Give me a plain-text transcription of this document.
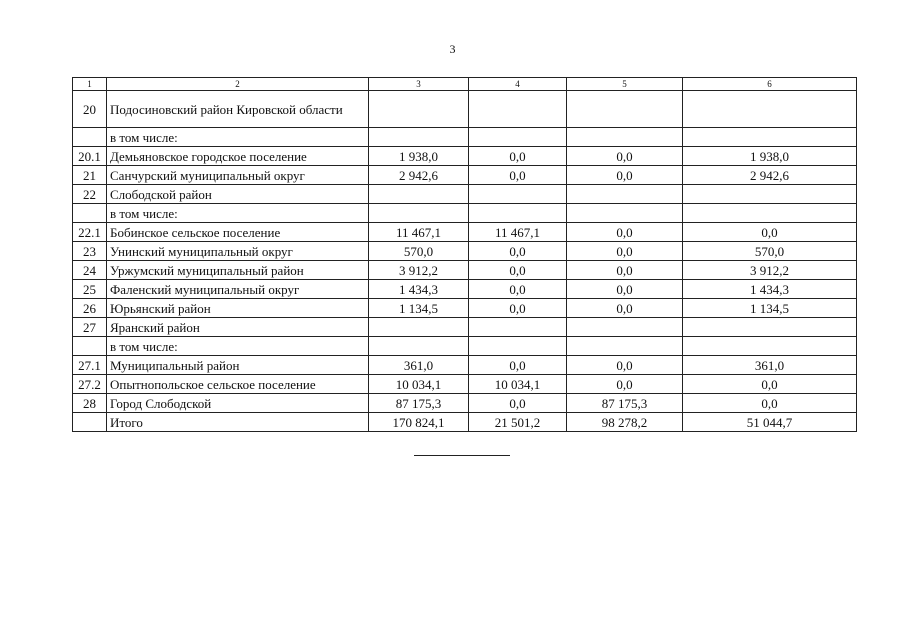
3
1	2	3	4	5	6
20	Подосиновский район Кировской области				
	в том числе:				
20.1	Демьяновское городское поселение	1 938,0	0,0	0,0	1 938,0
21	Санчурский муниципальный округ	2 942,6	0,0	0,0	2 942,6
22	Слободской район				
	в том числе:				
22.1	Бобинское сельское поселение	11 467,1	11 467,1	0,0	0,0
23	Унинский муниципальный округ	570,0	0,0	0,0	570,0
24	Уржумский муниципальный район	3 912,2	0,0	0,0	3 912,2
25	Фаленский муниципальный округ	1 434,3	0,0	0,0	1 434,3
26	Юрьянский район	1 134,5	0,0	0,0	1 134,5
27	Яранский район				
	в том числе:				
27.1	Муниципальный район	361,0	0,0	0,0	361,0
27.2	Опытнопольское сельское поселение	10 034,1	10 034,1	0,0	0,0
28	Город Слободской	87 175,3	0,0	87 175,3	0,0
	Итого	170 824,1	21 501,2	98 278,2	51 044,7
